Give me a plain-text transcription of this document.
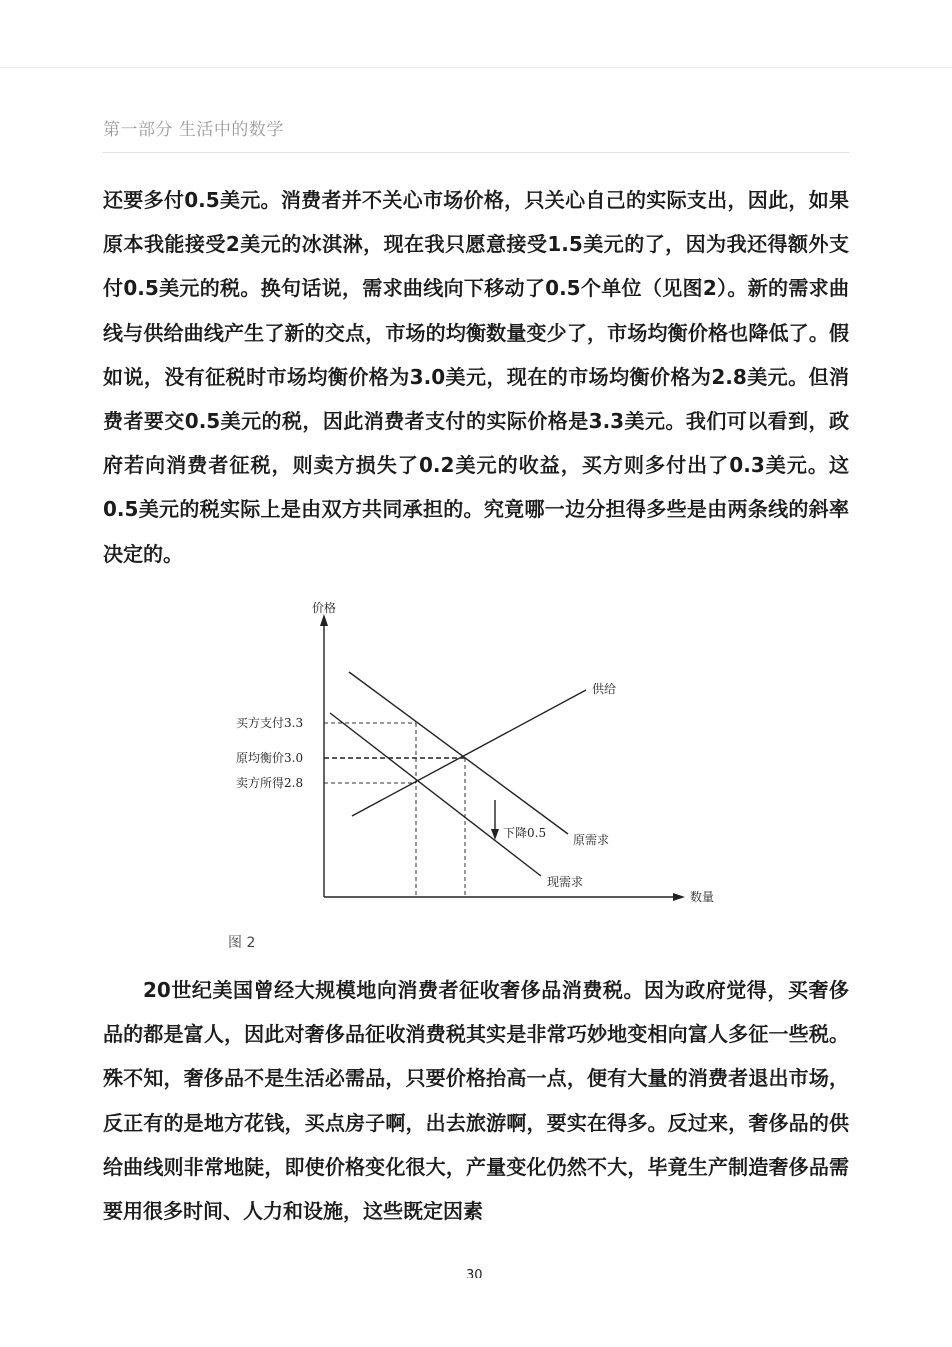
第一部分 生活中的数学

还要多付0.5美元。消费者并不关心市场价格，只关心自己的实际支出，因此，如果原本我能接受2美元的冰淇淋，现在我只愿意接受1.5美元的了，因为我还得额外支付0.5美元的税。换句话说，需求曲线向下移动了0.5个单位（见图2）。新的需求曲线与供给曲线产生了新的交点，市场的均衡数量变少了，市场均衡价格也降低了。假如说，没有征税时市场均衡价格为3.0美元，现在的市场均衡价格为2.8美元。但消费者要交0.5美元的税，因此消费者支付的实际价格是3.3美元。我们可以看到，政府若向消费者征税，则卖方损失了0.2美元的收益，买方则多付出了0.3美元。这0.5美元的税实际上是由双方共同承担的。究竟哪一边分担得多些是由两条线的斜率决定的。

价格
数量
买方支付3.3
原均衡价3.0
卖方所得2.8
供给
原需求
现需求
下降0.5
图 2

20世纪美国曾经大规模地向消费者征收奢侈品消费税。因为政府觉得，买奢侈品的都是富人，因此对奢侈品征收消费税其实是非常巧妙地变相向富人多征一些税。殊不知，奢侈品不是生活必需品，只要价格抬高一点，便有大量的消费者退出市场，反正有的是地方花钱，买点房子啊，出去旅游啊，要实在得多。反过来，奢侈品的供给曲线则非常地陡，即使价格变化很大，产量变化仍然不大，毕竟生产制造奢侈品需要用很多时间、人力和设施，这些既定因素

30
